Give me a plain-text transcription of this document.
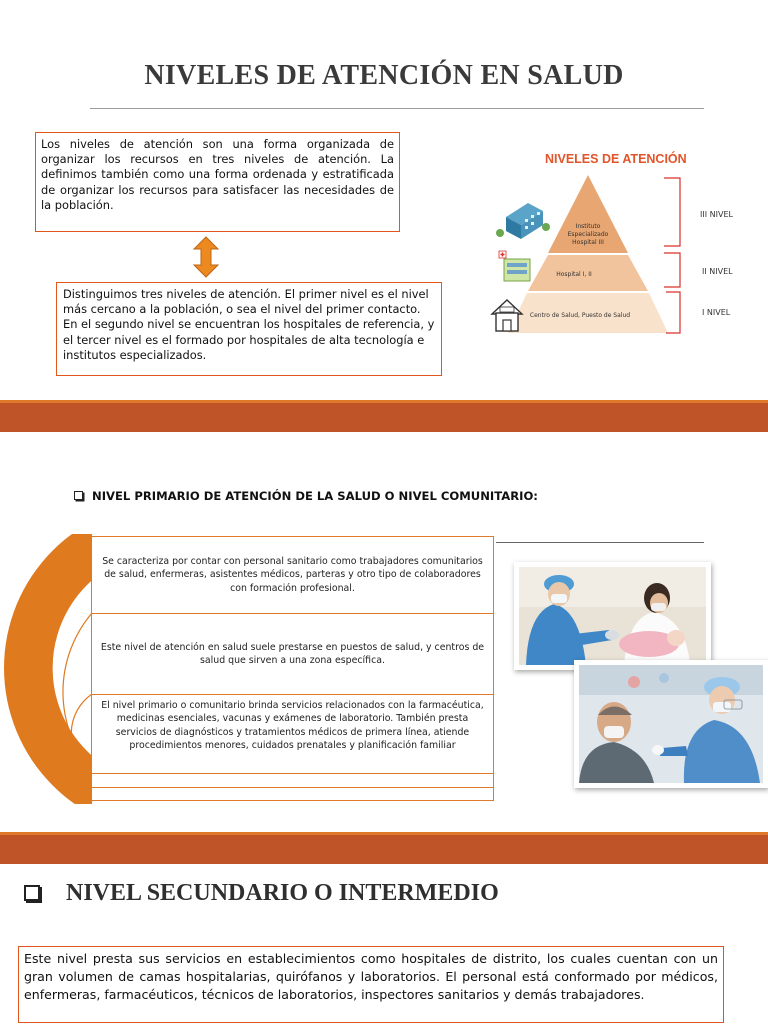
NIVELES DE ATENCIÓN EN SALUD
Los niveles de atención son una forma organizada de organizar los recursos en tres niveles de atención. La definimos también como una forma ordenada y estratificada de organizar los recursos para satisfacer las necesidades de la población.
Distinguimos tres niveles de atención. El primer nivel es el nivel más cercano a la población, o sea el nivel del primer contacto. En el segundo nivel se encuentran los hospitales de referencia, y el tercer nivel es el formado por hospitales de alta tecnología e institutos especializados.
NIVELES DE ATENCIÓN
Instituto
Especializado
Hospital III
Hospital I, II
Centro de Salud, Puesto de Salud
III NIVEL
II NIVEL
I NIVEL
NIVEL PRIMARIO DE ATENCIÓN DE LA SALUD O NIVEL COMUNITARIO:
Se caracteriza por contar con personal sanitario como trabajadores comunitarios de salud, enfermeras, asistentes médicos, parteras y otro tipo de colaboradores con formación profesional.
Este nivel de atención en salud suele prestarse en puestos de salud, y centros de salud que sirven a una zona específica.
El nivel primario o comunitario brinda servicios relacionados con la farmacéutica, medicinas esenciales, vacunas y exámenes de laboratorio. También presta servicios de diagnósticos y tratamientos médicos de primera línea, atiende procedimientos menores, cuidados prenatales y planificación familiar
NIVEL SECUNDARIO O INTERMEDIO
Este nivel presta sus servicios en establecimientos como hospitales de distrito, los cuales cuentan con un gran volumen de camas hospitalarias, quirófanos y laboratorios. El personal está conformado por médicos, enfermeras, farmacéuticos, técnicos de laboratorios, inspectores sanitarios y demás trabajadores.
